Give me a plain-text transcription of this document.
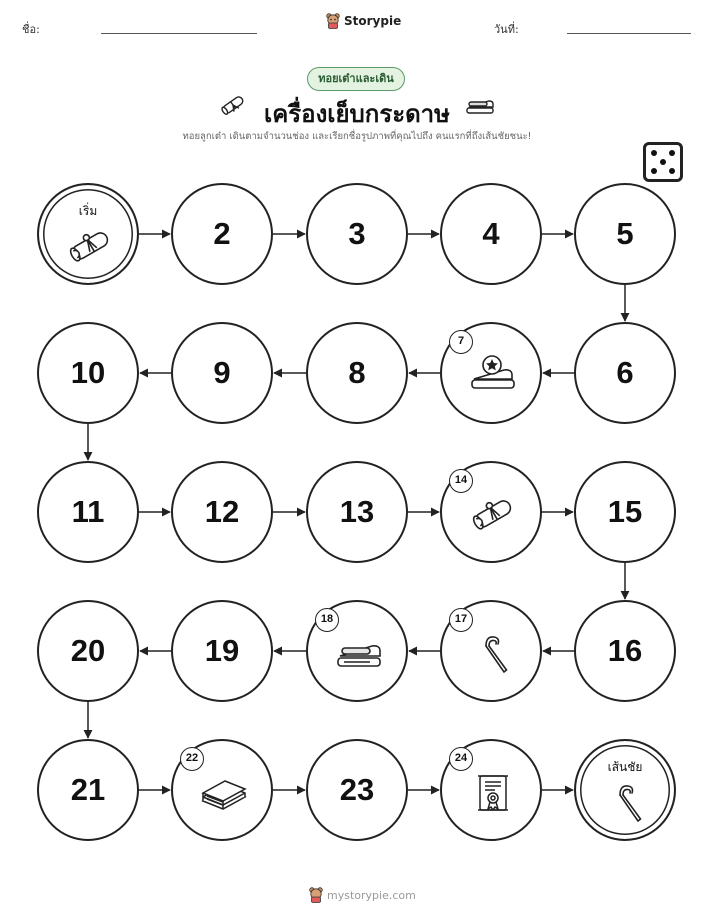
ชื่อ:
Storypie
วันที่:
ทอยเต๋าและเดิน
เครื่องเย็บกระดาษ
ทอยลูกเต๋า เดินตามจำนวนช่อง และเรียกชื่อรูปภาพที่คุณไปถึง คนแรกที่ถึงเส้นชัยชนะ!
เริ่ม
2	3	4	5
6
7
8
9
10
11	12	13
14
15
16
17
18
19
20
21
22
23
24
เส้นชัย
mystorypie.com
